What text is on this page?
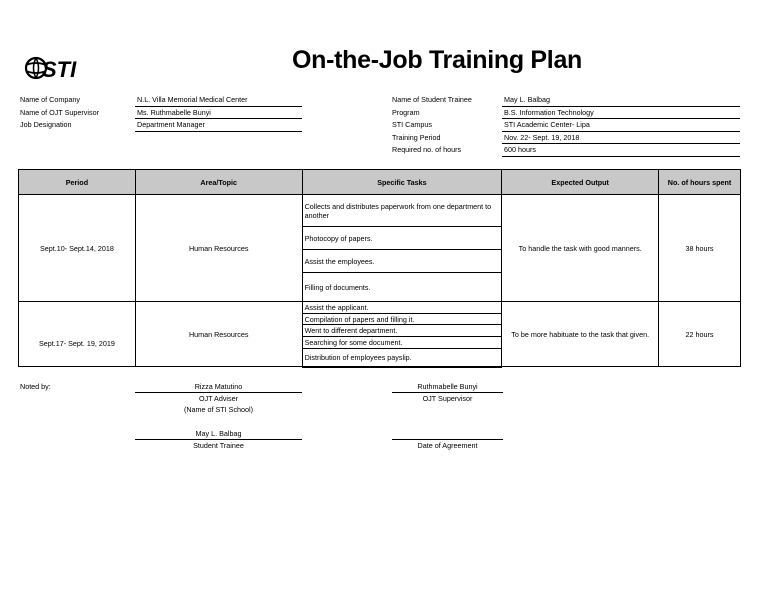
STI	On-the-Job Training Plan
Name of Company	N.L. Villa Memorial Medical Center
Name of OJT Supervisor	Ms. Ruthmabelle Bunyi
Job Designation	Department Manager
Name of Student Trainee	May L. Balbag
Program	B.S. Information Technology
STI Campus	STI Academic Center- Lipa
Training Period	Nov. 22- Sept. 19, 2018
Required no. of hours	600 hours
Period	Area/Topic	Specific Tasks	Expected Output	No. of hours spent
Sept.10- Sept.14, 2018	Human Resources	Collects and distributes paperwork from one department to another	To handle the task with good manners.	38 hours
		Photocopy of papers.		
		Assist the employees.		
		Filling of documents.		
Sept.17- Sept. 19, 2019	Human Resources	Assist the applicant.	To be more habituate to the task that given.	22 hours
		Compilation of papers and filling it.		
		Went to different department.		
		Searching for some document.		
		Distribution of employees payslip.		
Noted by:	Rizza Matutino
OJT Adviser
(Name of STI School)
Ruthmabelle Bunyi
OJT Supervisor
May L. Balbag
Student Trainee	Date of Agreement
